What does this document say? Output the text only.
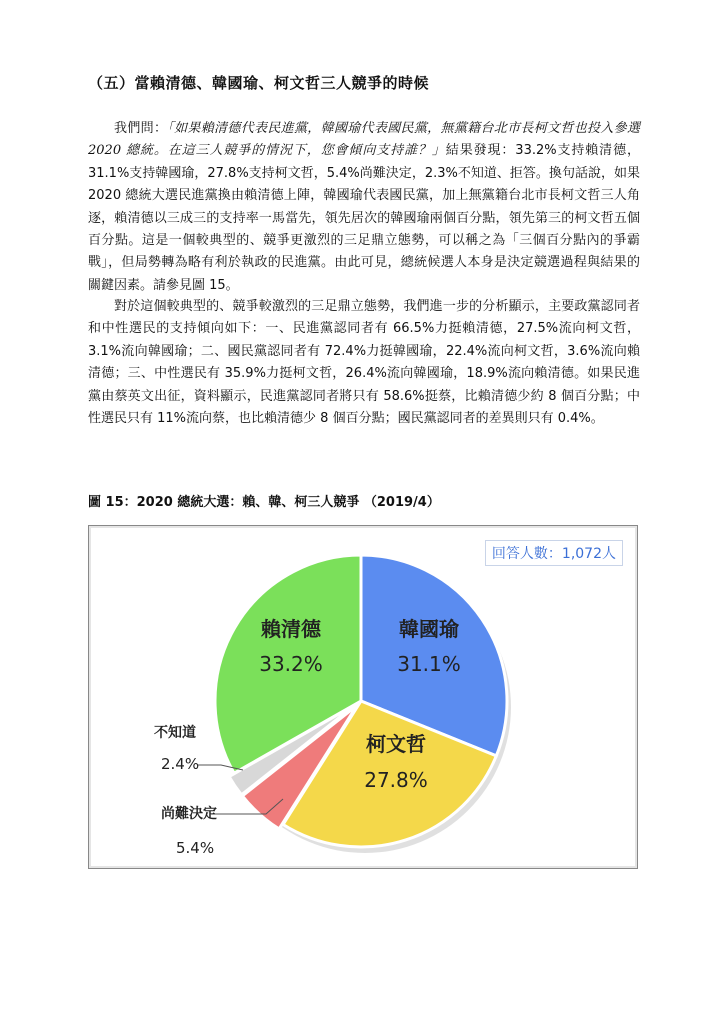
（五）當賴清德、韓國瑜、柯文哲三人競爭的時候
我們問：「如果賴清德代表民進黨，韓國瑜代表國民黨，無黨籍台北市長柯文哲也投入參選 2020 總統。在這三人競爭的情況下，您會傾向支持誰？」結果發現：33.2%支持賴清德，31.1%支持韓國瑜，27.8%支持柯文哲，5.4%尚難決定，2.3%不知道、拒答。換句話說，如果 2020 總統大選民進黨換由賴清德上陣，韓國瑜代表國民黨，加上無黨籍台北市長柯文哲三人角逐，賴清德以三成三的支持率一馬當先，領先居次的韓國瑜兩個百分點，領先第三的柯文哲五個百分點。這是一個較典型的、競爭更激烈的三足鼎立態勢，可以稱之為「三個百分點內的爭霸戰」，但局勢轉為略有利於執政的民進黨。由此可見，總統候選人本身是決定競選過程與結果的關鍵因素。請參見圖 15。
對於這個較典型的、競爭較激烈的三足鼎立態勢，我們進一步的分析顯示，主要政黨認同者和中性選民的支持傾向如下：一、民進黨認同者有 66.5%力挺賴清德，27.5%流向柯文哲，3.1%流向韓國瑜；二、國民黨認同者有 72.4%力挺韓國瑜，22.4%流向柯文哲，3.6%流向賴清德；三、中性選民有 35.9%力挺柯文哲，26.4%流向韓國瑜，18.9%流向賴清德。如果民進黨由蔡英文出征，資料顯示，民進黨認同者將只有 58.6%挺蔡，比賴清德少約 8 個百分點；中性選民只有 11%流向蔡，也比賴清德少 8 個百分點；國民黨認同者的差異則只有 0.4%。
圖 15：2020 總統大選：賴、韓、柯三人競爭 （2019/4）
回答人數：1,072人
韓國瑜
31.1%
柯文哲
27.8%
尚難決定
5.4%
不知道
2.4%
賴清德
33.2%
